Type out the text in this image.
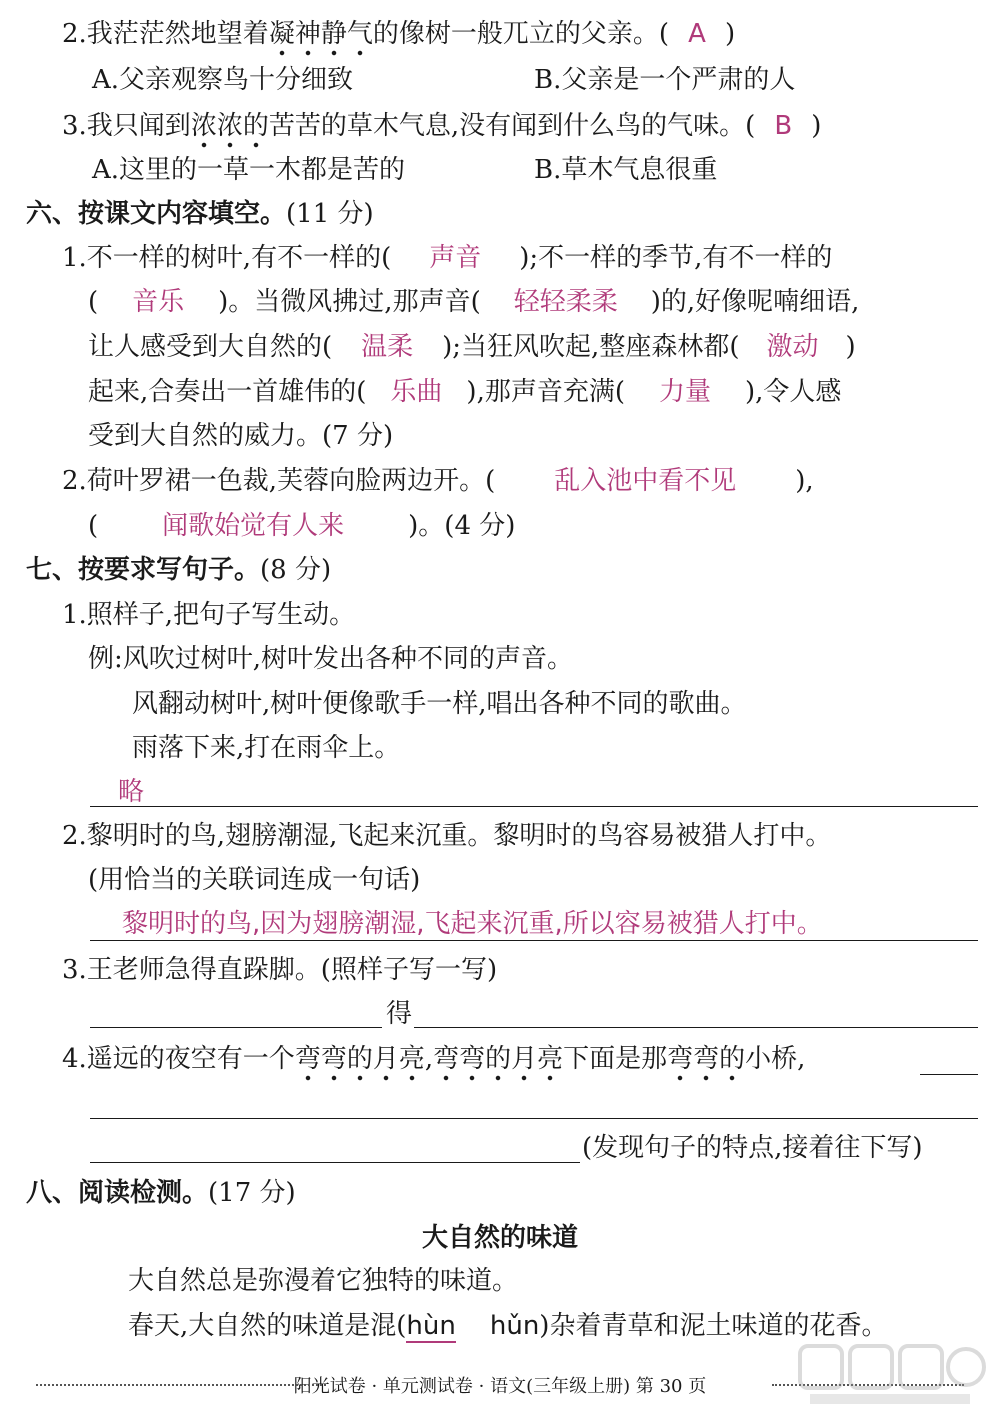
2.我茫茫然地望着凝神静气的像树一般兀立的父亲。( A )
A.父亲观察鸟十分细致	B.父亲是一个严肃的人
3.我只闻到浓浓的苦苦的草木气息,没有闻到什么鸟的气味。( B )
A.这里的一草一木都是苦的	B.草木气息很重
六、按课文内容填空。(11 分)
1.不一样的树叶,有不一样的( 声音 );不一样的季节,有不一样的
( 音乐 )。当微风拂过,那声音( 轻轻柔柔 )的,好像呢喃细语,
让人感受到大自然的( 温柔 );当狂风吹起,整座森林都( 激动 )
起来,合奏出一首雄伟的( 乐曲 ),那声音充满( 力量 ),令人感
受到大自然的威力。(7 分)
2.荷叶罗裙一色裁,芙蓉向脸两边开。( 乱入池中看不见 ),
( 闻歌始觉有人来 )。(4 分)
七、按要求写句子。(8 分)
1.照样子,把句子写生动。
例:风吹过树叶,树叶发出各种不同的声音。
风翻动树叶,树叶便像歌手一样,唱出各种不同的歌曲。
雨落下来,打在雨伞上。
略
2.黎明时的鸟,翅膀潮湿,飞起来沉重。黎明时的鸟容易被猎人打中。
(用恰当的关联词连成一句话)
黎明时的鸟,因为翅膀潮湿,飞起来沉重,所以容易被猎人打中。
3.王老师急得直跺脚。(照样子写一写)
得
4.遥远的夜空有一个弯弯的月亮,弯弯的月亮下面是那弯弯的小桥,
(发现句子的特点,接着往下写)
八、阅读检测。(17 分)
大自然的味道
大自然总是弥漫着它独特的味道。
春天,大自然的味道是混(hùn hǔn)杂着青草和泥土味道的花香。
阳光试卷 · 单元测试卷 · 语文(三年级上册) 第 30 页
